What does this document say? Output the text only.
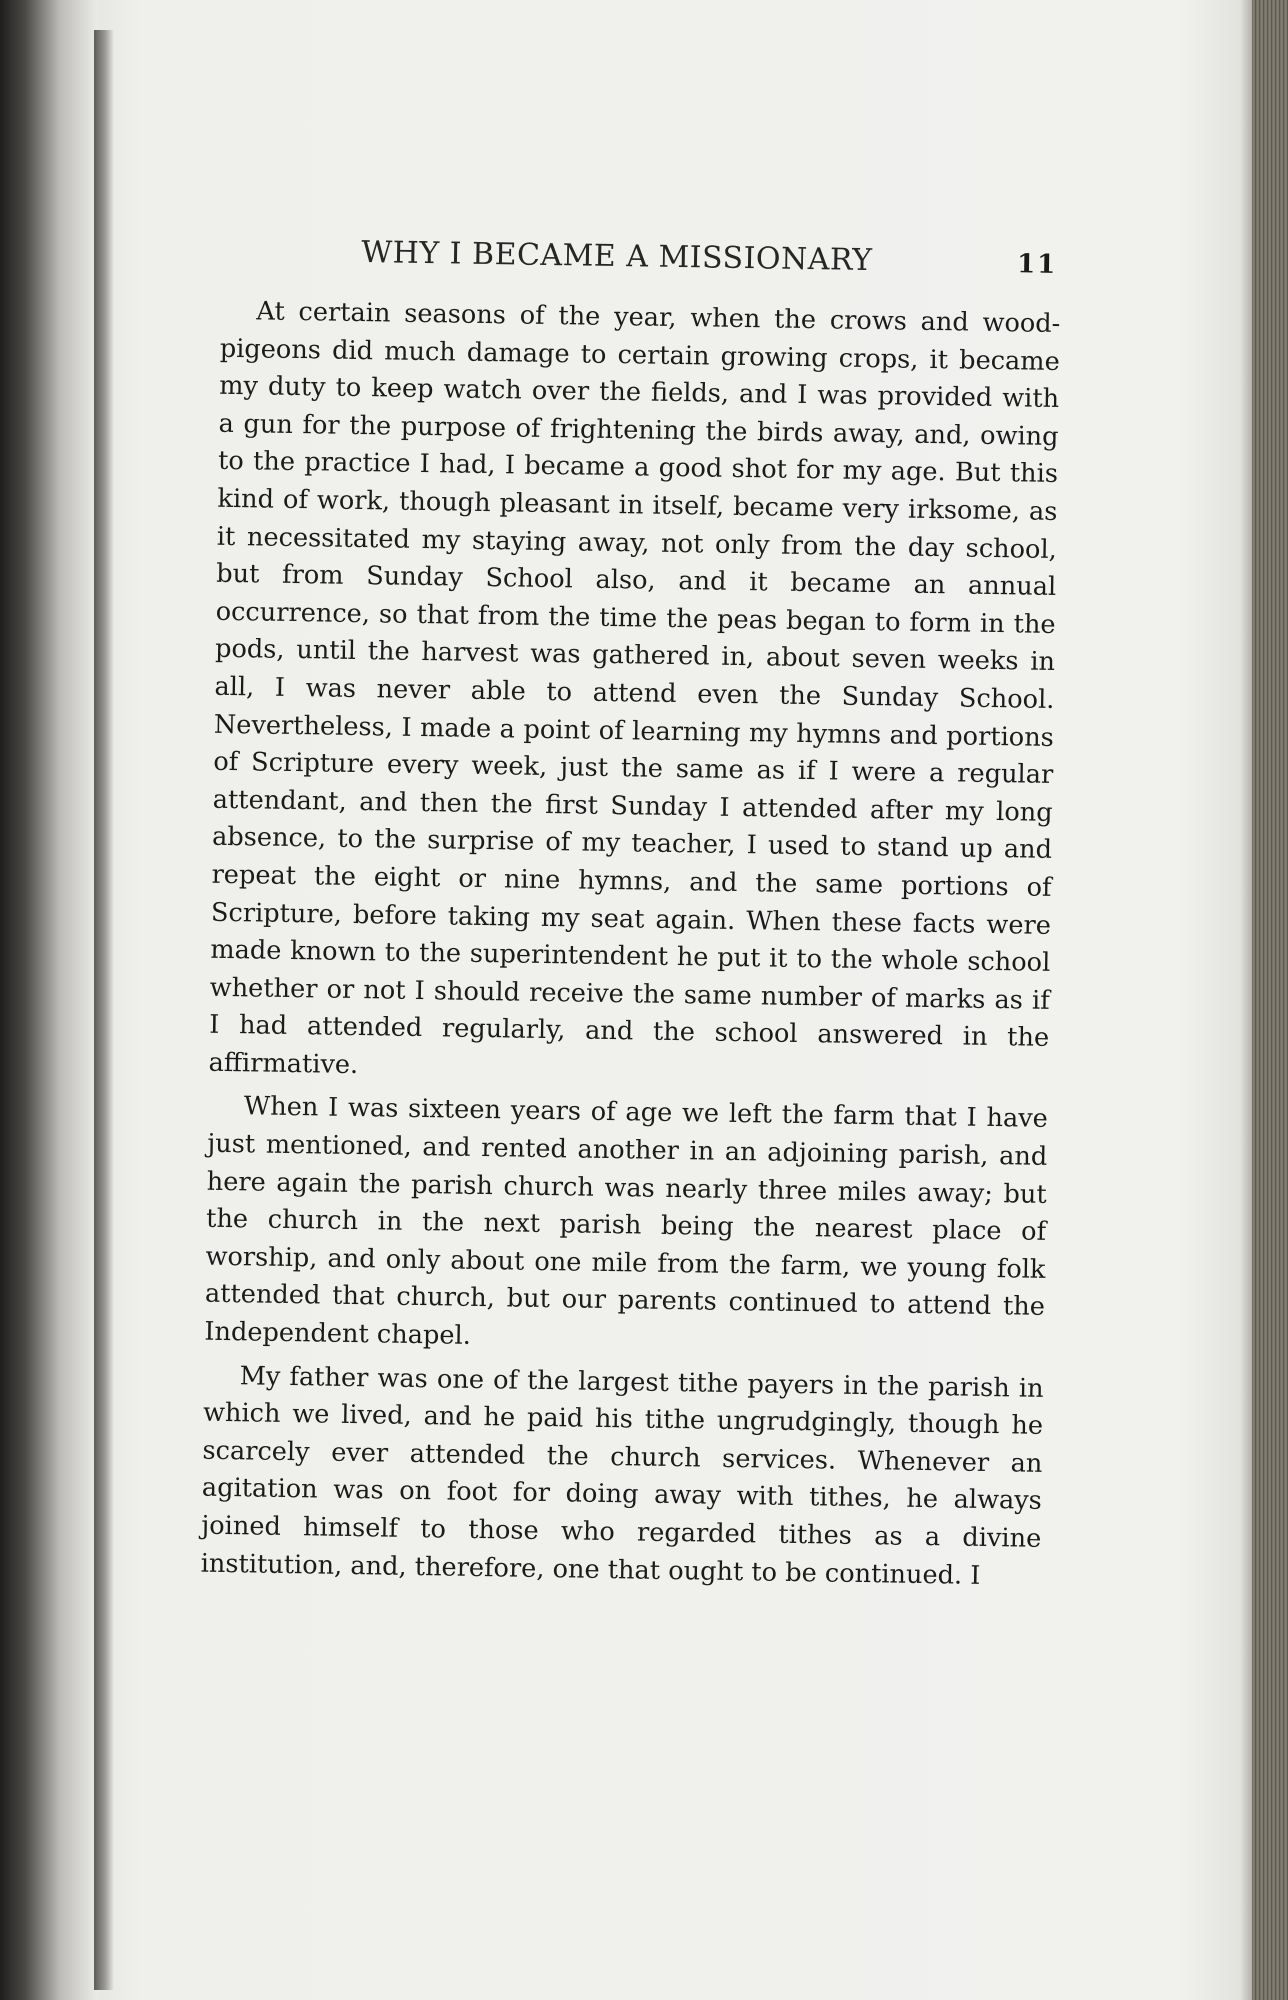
WHY I BECAME A MISSIONARY	11

At certain seasons of the year, when the crows and wood-pigeons did much damage to certain growing crops, it became my duty to keep watch over the fields, and I was provided with a gun for the purpose of frightening the birds away, and, owing to the practice I had, I became a good shot for my age. But this kind of work, though pleasant in itself, became very irksome, as it necessitated my staying away, not only from the day school, but from Sunday School also, and it became an annual occurrence, so that from the time the peas began to form in the pods, until the harvest was gathered in, about seven weeks in all, I was never able to attend even the Sunday School. Nevertheless, I made a point of learning my hymns and portions of Scripture every week, just the same as if I were a regular attendant, and then the first Sunday I attended after my long absence, to the surprise of my teacher, I used to stand up and repeat the eight or nine hymns, and the same portions of Scripture, before taking my seat again. When these facts were made known to the superintendent he put it to the whole school whether or not I should receive the same number of marks as if I had attended regularly, and the school answered in the affirmative.

When I was sixteen years of age we left the farm that I have just mentioned, and rented another in an adjoining parish, and here again the parish church was nearly three miles away; but the church in the next parish being the nearest place of worship, and only about one mile from the farm, we young folk attended that church, but our parents continued to attend the Independent chapel.

My father was one of the largest tithe payers in the parish in which we lived, and he paid his tithe ungrudgingly, though he scarcely ever attended the church services. Whenever an agitation was on foot for doing away with tithes, he always joined himself to those who regarded tithes as a divine institution, and, therefore, one that ought to be continued. I
